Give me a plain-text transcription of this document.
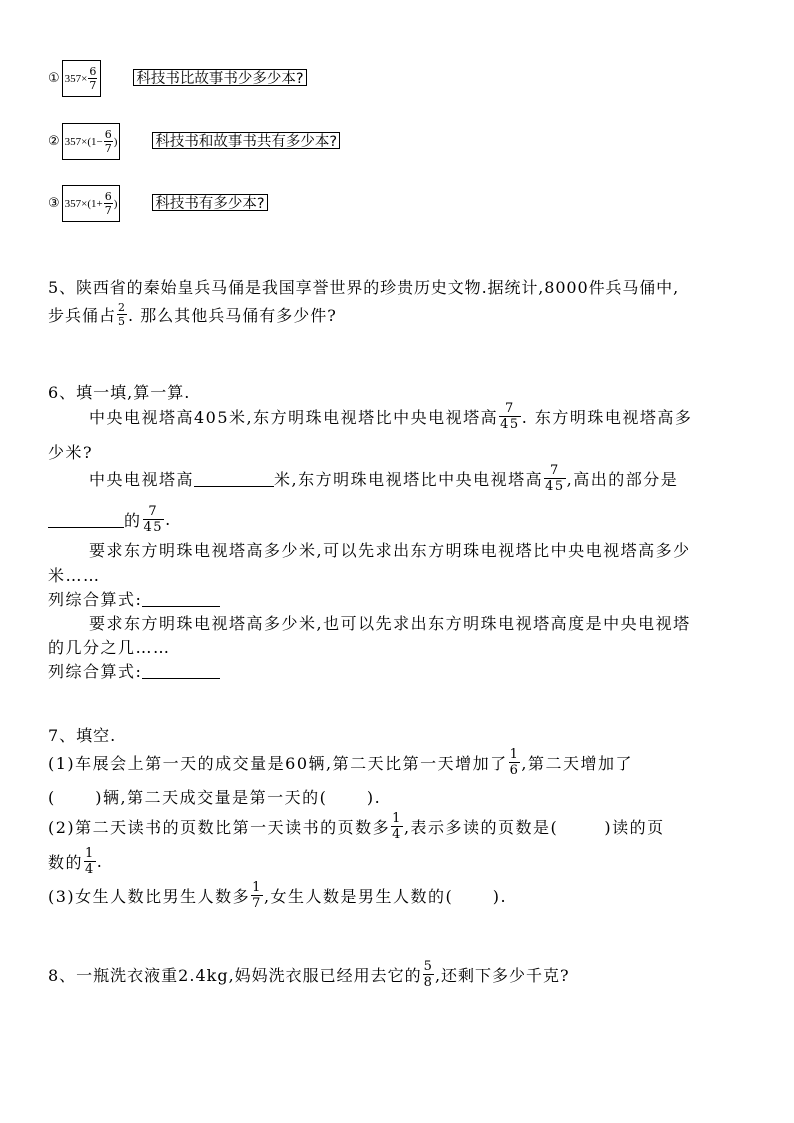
① $357\times \frac{6}{7}$	科技书比故事书少多少本?
② $357\times(1- \frac{6}{7}$ )	科技书和故事书共有多少本?
③ $357\times(1+ \frac{6}{7}$ )	科技书有多少本?
5、陕西省的秦始皇兵马俑是我国享誉世界的珍贵历史文物.据统计,8000件兵马俑中,
步兵俑占 $\frac{2}{5}$ . 那么其他兵马俑有多少件?
6、填一填,算一算.
中央电视塔高405米,东方明珠电视塔比中央电视塔高 $\frac{7}{45}$ . 东方明珠电视塔高多
少米?
中央电视塔高	米,东方明珠电视塔比中央电视塔高 $\frac{7}{45}$ ,高出的部分是
的 $\frac{7}{45}$ .
要求东方明珠电视塔高多少米,可以先求出东方明珠电视塔比中央电视塔高多少
米……
列综合算式:
要求东方明珠电视塔高多少米,也可以先求出东方明珠电视塔高度是中央电视塔
的几分之几……
列综合算式:
7、填空.
(1)车展会上第一天的成交量是60辆,第二天比第一天增加了 $\frac{1}{6}$ ,第二天增加了
(      )辆,第二天成交量是第一天的(      ).
(2)第二天读书的页数比第一天读书的页数多 $\frac{1}{4}$ ,表示多读的页数是(       )读的页
数的 $\frac{1}{4}$ .
(3)女生人数比男生人数多 $\frac{1}{7}$ ,女生人数是男生人数的(      ).
8、一瓶洗衣液重2.4kg,妈妈洗衣服已经用去它的 $\frac{5}{8}$ ,还剩下多少千克?
